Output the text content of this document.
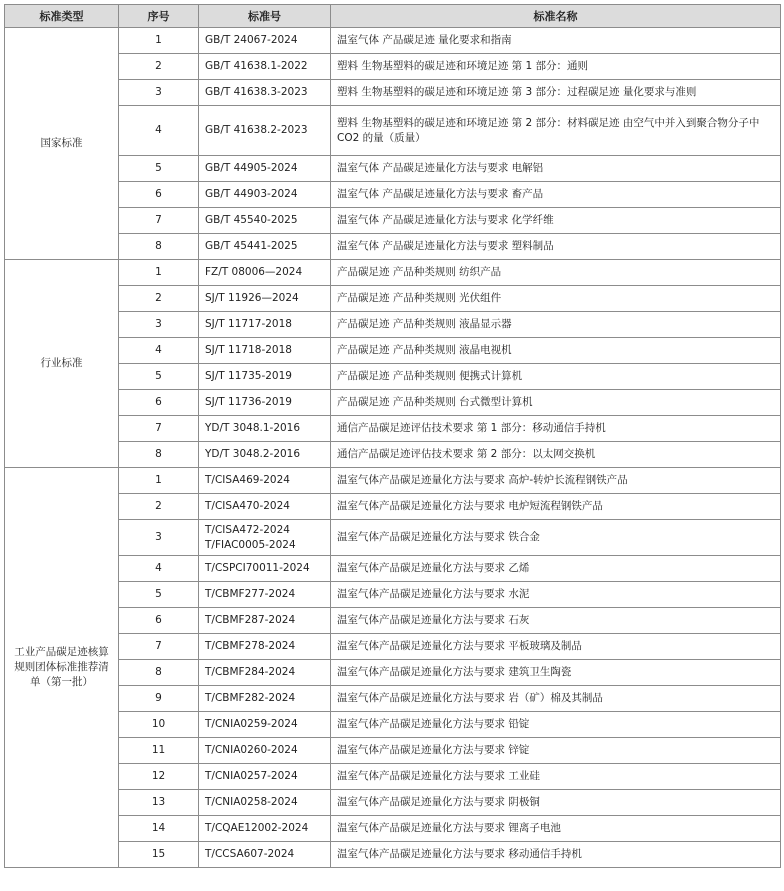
标准类型	序号	标准号	标准名称
国家标准	1	GB/T 24067-2024	温室气体 产品碳足迹 量化要求和指南
	2	GB/T 41638.1-2022	塑料 生物基塑料的碳足迹和环境足迹 第 1 部分：通则
	3	GB/T 41638.3-2023	塑料 生物基塑料的碳足迹和环境足迹 第 3 部分：过程碳足迹 量化要求与准则
	4	GB/T 41638.2-2023	塑料 生物基塑料的碳足迹和环境足迹 第 2 部分：材料碳足迹 由空气中并入到聚合物分子中 CO2 的量（质量）
	5	GB/T 44905-2024	温室气体 产品碳足迹量化方法与要求 电解铝
	6	GB/T 44903-2024	温室气体 产品碳足迹量化方法与要求 畜产品
	7	GB/T 45540-2025	温室气体 产品碳足迹量化方法与要求 化学纤维
	8	GB/T 45441-2025	温室气体 产品碳足迹量化方法与要求 塑料制品
行业标准	1	FZ/T 08006—2024	产品碳足迹 产品种类规则 纺织产品
	2	SJ/T 11926—2024	产品碳足迹 产品种类规则 光伏组件
	3	SJ/T 11717-2018	产品碳足迹 产品种类规则 液晶显示器
	4	SJ/T 11718-2018	产品碳足迹 产品种类规则 液晶电视机
	5	SJ/T 11735-2019	产品碳足迹 产品种类规则 便携式计算机
	6	SJ/T 11736-2019	产品碳足迹 产品种类规则 台式微型计算机
	7	YD/T 3048.1-2016	通信产品碳足迹评估技术要求 第 1 部分：移动通信手持机
	8	YD/T 3048.2-2016	通信产品碳足迹评估技术要求 第 2 部分：以太网交换机
工业产品碳足迹核算规则团体标准推荐清单（第一批）	1	T/CISA469-2024	温室气体产品碳足迹量化方法与要求 高炉-转炉长流程钢铁产品
	2	T/CISA470-2024	温室气体产品碳足迹量化方法与要求 电炉短流程钢铁产品
	3	T/CISA472-2024 T/FIAC0005-2024	温室气体产品碳足迹量化方法与要求 铁合金
	4	T/CSPCI70011-2024	温室气体产品碳足迹量化方法与要求 乙烯
	5	T/CBMF277-2024	温室气体产品碳足迹量化方法与要求 水泥
	6	T/CBMF287-2024	温室气体产品碳足迹量化方法与要求 石灰
	7	T/CBMF278-2024	温室气体产品碳足迹量化方法与要求 平板玻璃及制品
	8	T/CBMF284-2024	温室气体产品碳足迹量化方法与要求 建筑卫生陶瓷
	9	T/CBMF282-2024	温室气体产品碳足迹量化方法与要求 岩（矿）棉及其制品
	10	T/CNIA0259-2024	温室气体产品碳足迹量化方法与要求 铅锭
	11	T/CNIA0260-2024	温室气体产品碳足迹量化方法与要求 锌锭
	12	T/CNIA0257-2024	温室气体产品碳足迹量化方法与要求 工业硅
	13	T/CNIA0258-2024	温室气体产品碳足迹量化方法与要求 阴极铜
	14	T/CQAE12002-2024	温室气体产品碳足迹量化方法与要求 锂离子电池
	15	T/CCSA607-2024	温室气体产品碳足迹量化方法与要求 移动通信手持机
